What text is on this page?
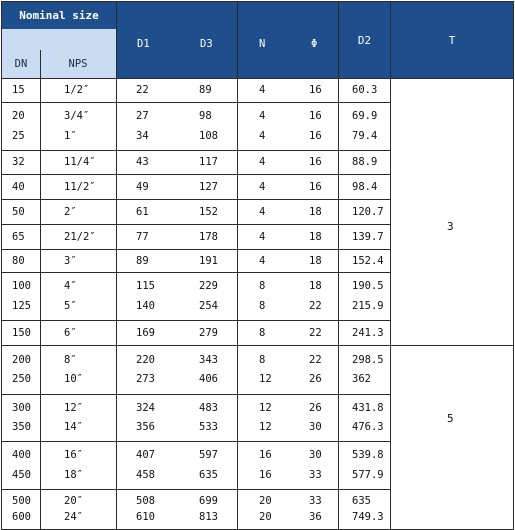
Nominal size
DN	NPS
D1	D3	N	Φ	D2	T
3
5
15	1/2″	22	89	4	16	60.3
20	3/4″	27	98	4	16	69.9
25	1″	34	108	4	16	79.4
32	11/4″	43	117	4	16	88.9
40	11/2″	49	127	4	16	98.4
50	2″	61	152	4	18	120.7
65	21/2″	77	178	4	18	139.7
80	3″	89	191	4	18	152.4
100	4″	115	229	8	18	190.5
125	5″	140	254	8	22	215.9
150	6″	169	279	8	22	241.3
200	8″	220	343	8	22	298.5
250	10″	273	406	12	26	362
300	12″	324	483	12	26	431.8
350	14″	356	533	12	30	476.3
400	16″	407	597	16	30	539.8
450	18″	458	635	16	33	577.9
500	20″	508	699	20	33	635
600	24″	610	813	20	36	749.3
